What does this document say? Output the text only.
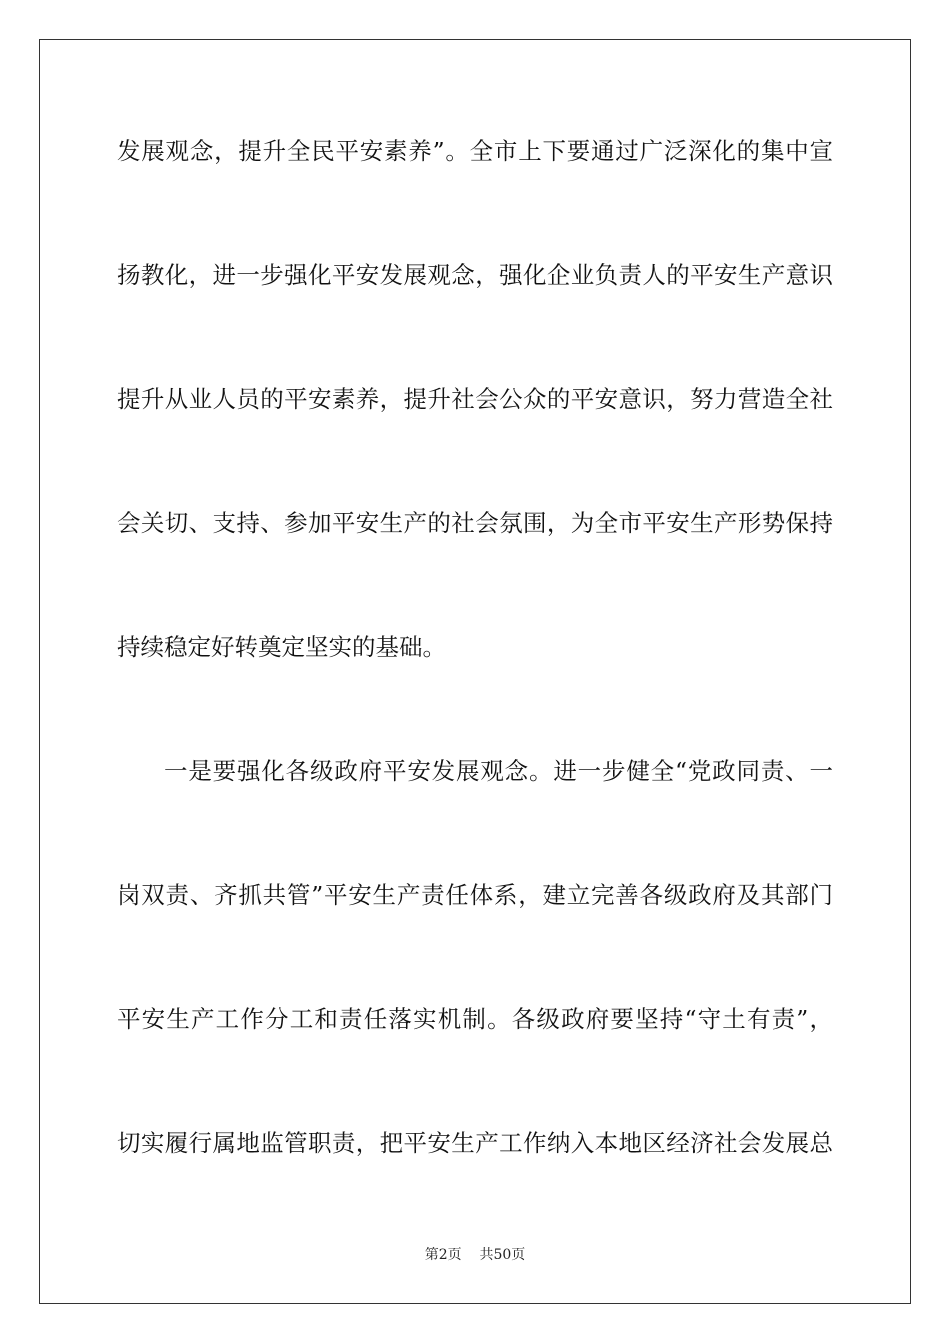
发展观念，提升全民平安素养”。全市上下要通过广泛深化的集中宣
扬教化，进一步强化平安发展观念，强化企业负责人的平安生产意识
提升从业人员的平安素养，提升社会公众的平安意识，努力营造全社
会关切、支持、参加平安生产的社会氛围，为全市平安生产形势保持
持续稳定好转奠定坚实的基础。
一是要强化各级政府平安发展观念。进一步健全“党政同责、一
岗双责、齐抓共管”平安生产责任体系，建立完善各级政府及其部门
平安生产工作分工和责任落实机制。各级政府要坚持“守土有责”，
切实履行属地监管职责，把平安生产工作纳入本地区经济社会发展总
第2页 共50页
